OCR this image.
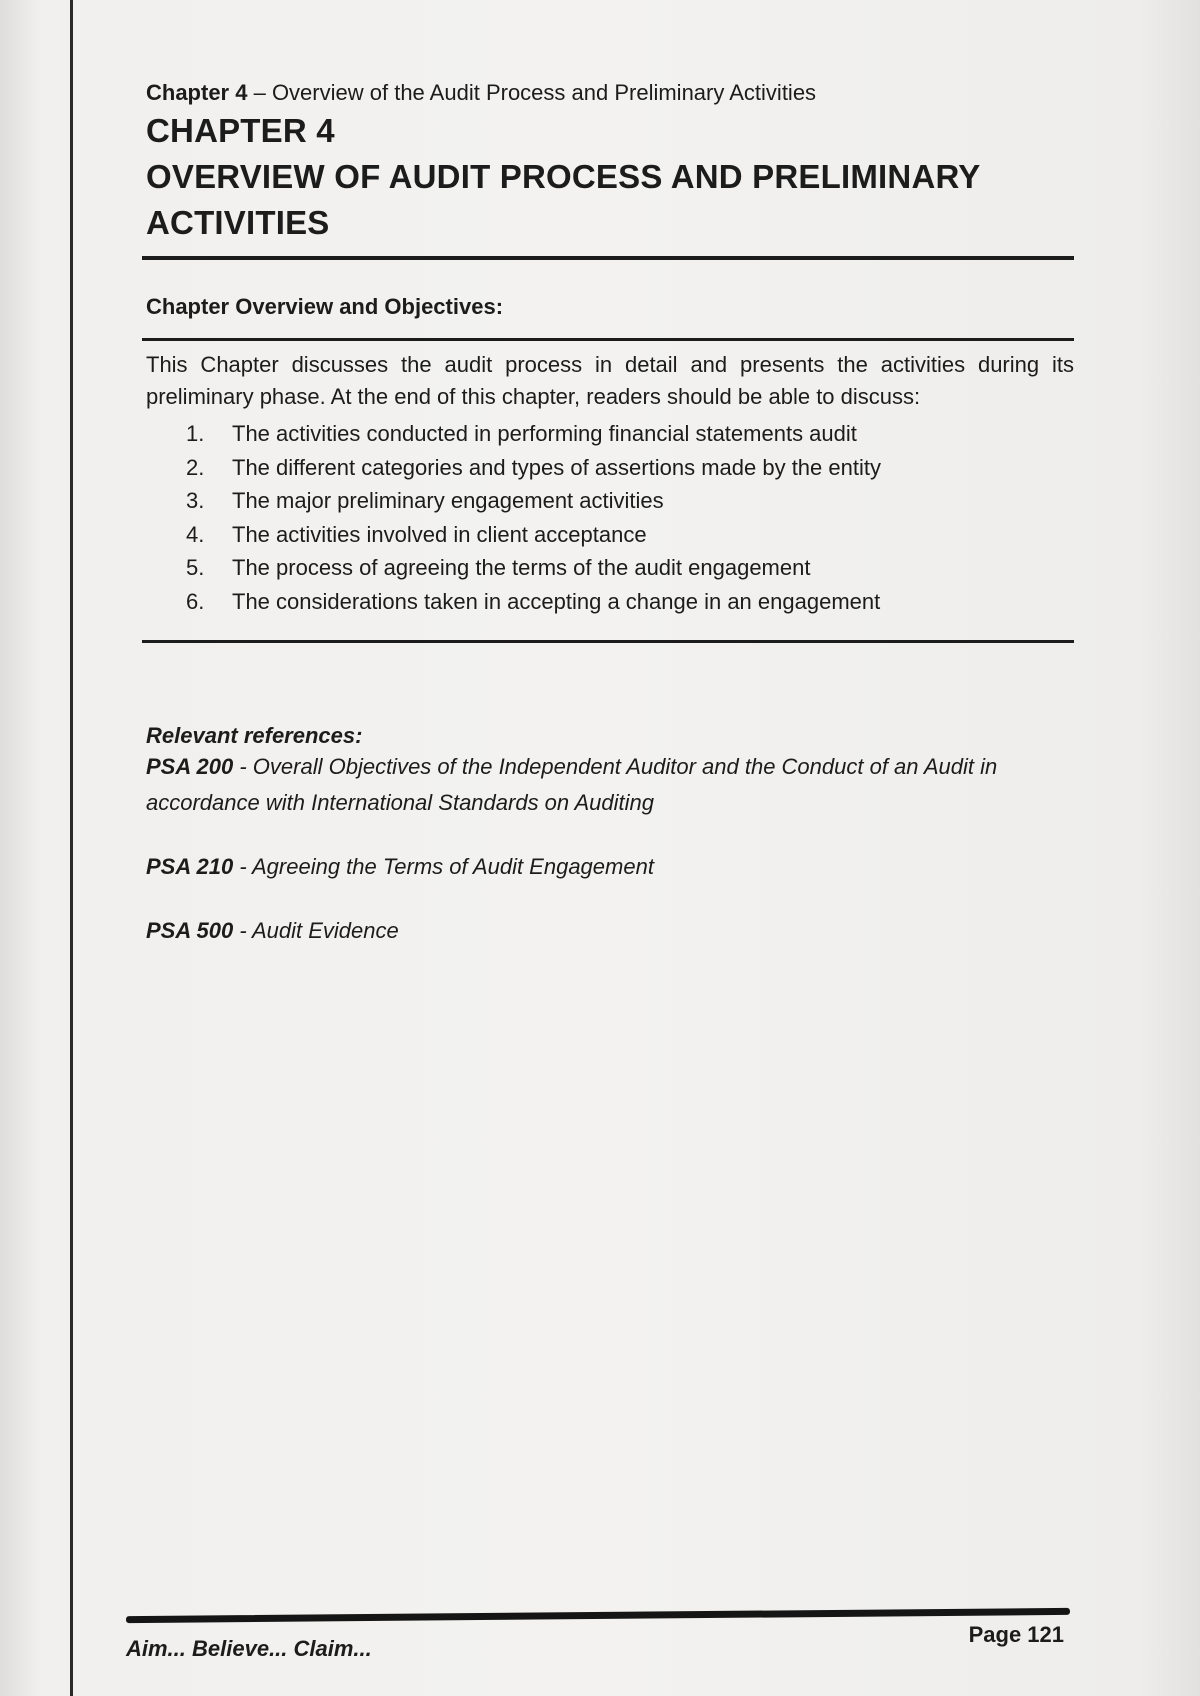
Chapter 4 – Overview of the Audit Process and Preliminary Activities
CHAPTER 4
OVERVIEW OF AUDIT PROCESS AND PRELIMINARY
ACTIVITIES
Chapter Overview and Objectives:
This Chapter discusses the audit process in detail and presents the activities during its preliminary phase. At the end of this chapter, readers should be able to discuss:
1.	The activities conducted in performing financial statements audit
2.	The different categories and types of assertions made by the entity
3.	The major preliminary engagement activities
4.	The activities involved in client acceptance
5.	The process of agreeing the terms of the audit engagement
6.	The considerations taken in accepting a change in an engagement
Relevant references:
PSA 200 - Overall Objectives of the Independent Auditor and the Conduct of an Audit in accordance with International Standards on Auditing
PSA 210 - Agreeing the Terms of Audit Engagement
PSA 500 - Audit Evidence
Aim... Believe... Claim...
Page 121
